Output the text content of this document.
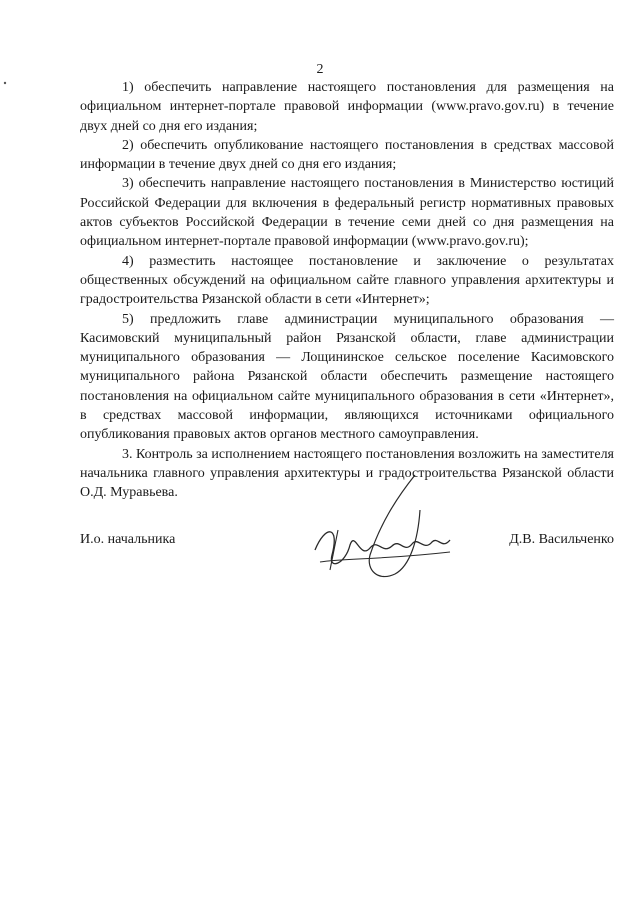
2

1) обеспечить направление настоящего постановления для размещения на официальном интернет-портале правовой информации (www.pravo.gov.ru) в течение двух дней со дня его издания;

2) обеспечить опубликование настоящего постановления в средствах массовой информации в течение двух дней со дня его издания;

3) обеспечить направление настоящего постановления в Министерство юстиций Российской Федерации для включения в федеральный регистр нормативных правовых актов субъектов Российской Федерации в течение семи дней со дня размещения на официальном интернет-портале правовой информации (www.pravo.gov.ru);

4) разместить настоящее постановление и заключение о результатах общественных обсуждений на официальном сайте главного управления архитектуры и градостроительства Рязанской области в сети «Интернет»;

5) предложить главе администрации муниципального образования — Касимовский муниципальный район Рязанской области, главе администрации муниципального образования — Лощининское сельское поселение Касимовского муниципального района Рязанской области обеспечить размещение настоящего постановления на официальном сайте муниципального образования в сети «Интернет», в средствах массовой информации, являющихся источниками официального опубликования правовых актов органов местного самоуправления.

3. Контроль за исполнением настоящего постановления возложить на заместителя начальника главного управления архитектуры и градостроительства Рязанской области О.Д. Муравьева.

И.о. начальника	Д.В. Васильченко
